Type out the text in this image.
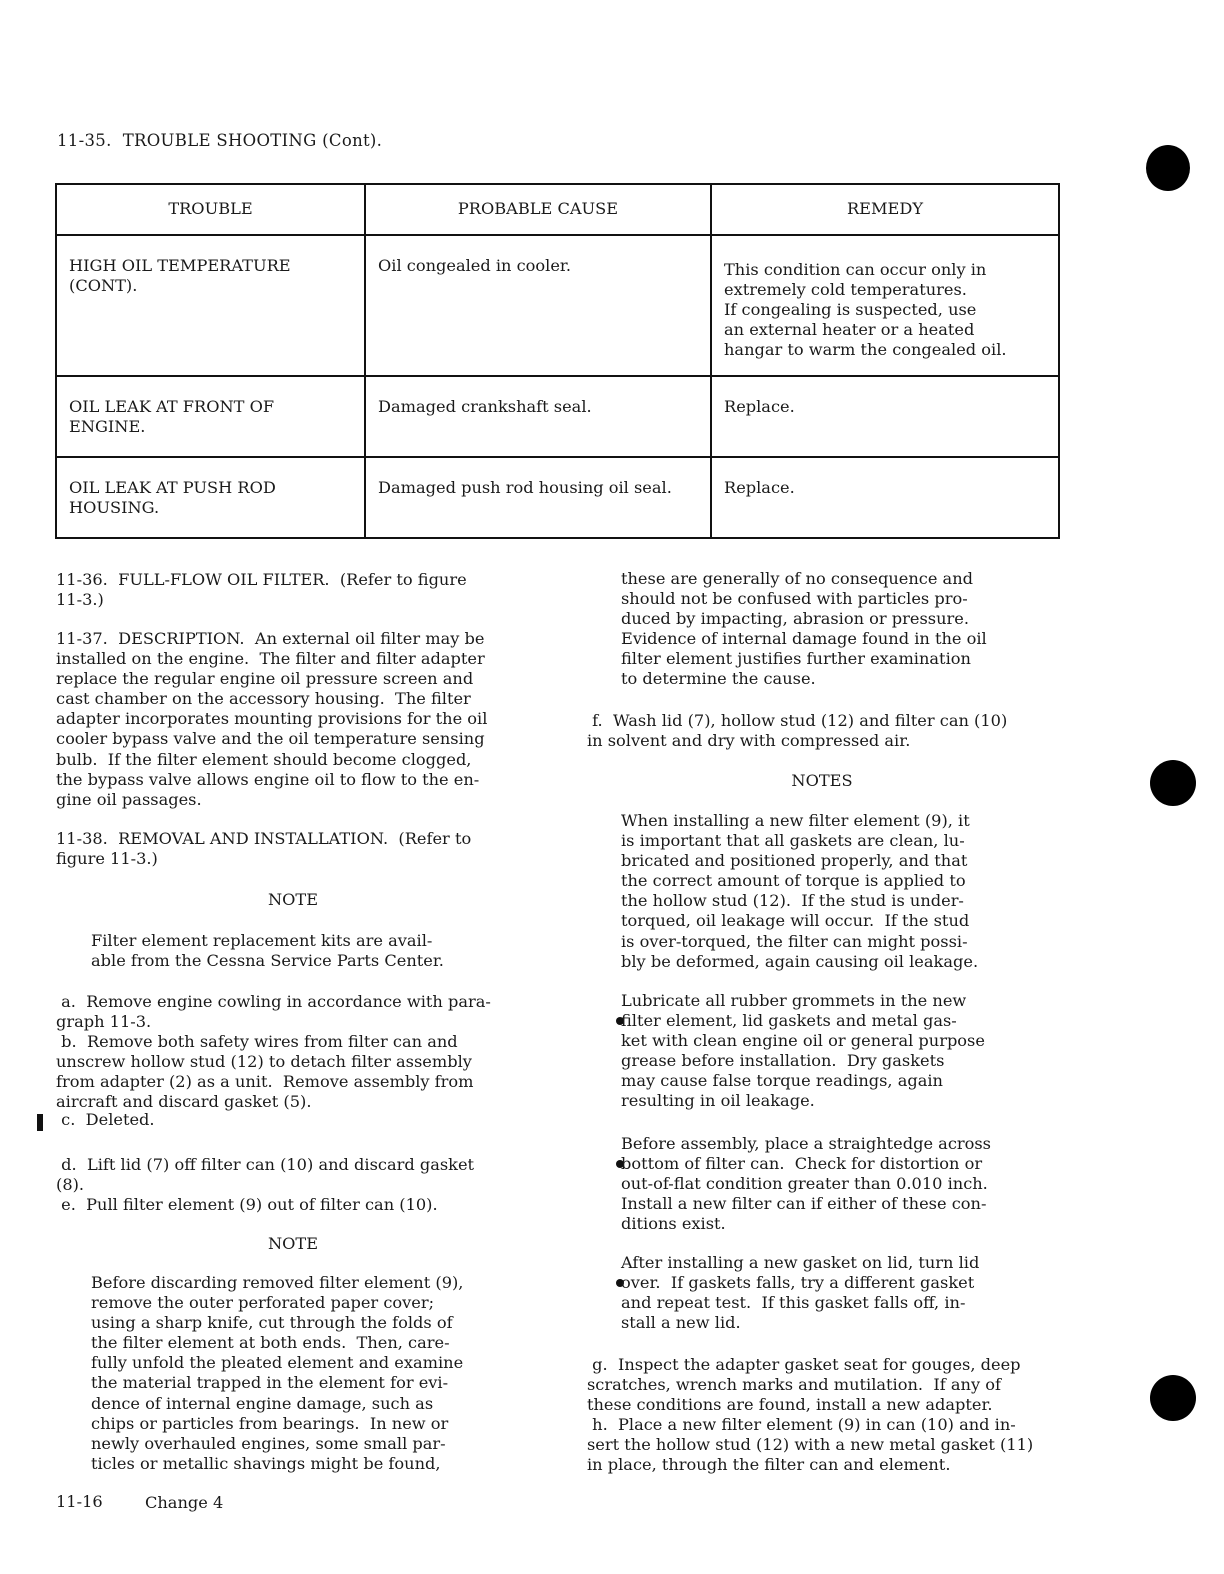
11-35.  TROUBLE SHOOTING (Cont).
TROUBLE	PROBABLE CAUSE	REMEDY

HIGH OIL TEMPERATURE
(CONT).	Oil congealed in cooler.	This condition can occur only in
extremely cold temperatures.
If congealing is suspected, use
an external heater or a heated
hangar to warm the congealed oil.

OIL LEAK AT FRONT OF
ENGINE.	Damaged crankshaft seal.	Replace.

OIL LEAK AT PUSH ROD
HOUSING.	Damaged push rod housing oil seal.	Replace.
11-36.  FULL-FLOW OIL FILTER.  (Refer to figure
11-3.)
11-37.  DESCRIPTION.  An external oil filter may be
installed on the engine.  The filter and filter adapter
replace the regular engine oil pressure screen and
cast chamber on the accessory housing.  The filter
adapter incorporates mounting provisions for the oil
cooler bypass valve and the oil temperature sensing
bulb.  If the filter element should become clogged,
the bypass valve allows engine oil to flow to the en-
gine oil passages.
11-38.  REMOVAL AND INSTALLATION.  (Refer to
figure 11-3.)
NOTE
Filter element replacement kits are avail-
able from the Cessna Service Parts Center.
a.  Remove engine cowling in accordance with para-
graph 11-3.
b.  Remove both safety wires from filter can and
unscrew hollow stud (12) to detach filter assembly
from adapter (2) as a unit.  Remove assembly from
aircraft and discard gasket (5).
c.  Deleted.
d.  Lift lid (7) off filter can (10) and discard gasket
(8).
e.  Pull filter element (9) out of filter can (10).
NOTE
Before discarding removed filter element (9),
remove the outer perforated paper cover;
using a sharp knife, cut through the folds of
the filter element at both ends.  Then, care-
fully unfold the pleated element and examine
the material trapped in the element for evi-
dence of internal engine damage, such as
chips or particles from bearings.  In new or
newly overhauled engines, some small par-
ticles or metallic shavings might be found,
these are generally of no consequence and
should not be confused with particles pro-
duced by impacting, abrasion or pressure.
Evidence of internal damage found in the oil
filter element justifies further examination
to determine the cause.
f.  Wash lid (7), hollow stud (12) and filter can (10)
in solvent and dry with compressed air.
NOTES
When installing a new filter element (9), it
is important that all gaskets are clean, lu-
bricated and positioned properly, and that
the correct amount of torque is applied to
the hollow stud (12).  If the stud is under-
torqued, oil leakage will occur.  If the stud
is over-torqued, the filter can might possi-
bly be deformed, again causing oil leakage.

Lubricate all rubber grommets in the new
filter element, lid gaskets and metal gas-
ket with clean engine oil or general purpose
grease before installation.  Dry gaskets
may cause false torque readings, again
resulting in oil leakage.

Before assembly, place a straightedge across
bottom of filter can.  Check for distortion or
out-of-flat condition greater than 0.010 inch.
Install a new filter can if either of these con-
ditions exist.

After installing a new gasket on lid, turn lid
over.  If gaskets falls, try a different gasket
and repeat test.  If this gasket falls off, in-
stall a new lid.

g.  Inspect the adapter gasket seat for gouges, deep
scratches, wrench marks and mutilation.  If any of
these conditions are found, install a new adapter.
h.  Place a new filter element (9) in can (10) and in-
sert the hollow stud (12) with a new metal gasket (11)
in place, through the filter can and element.
11-16	Change 4
